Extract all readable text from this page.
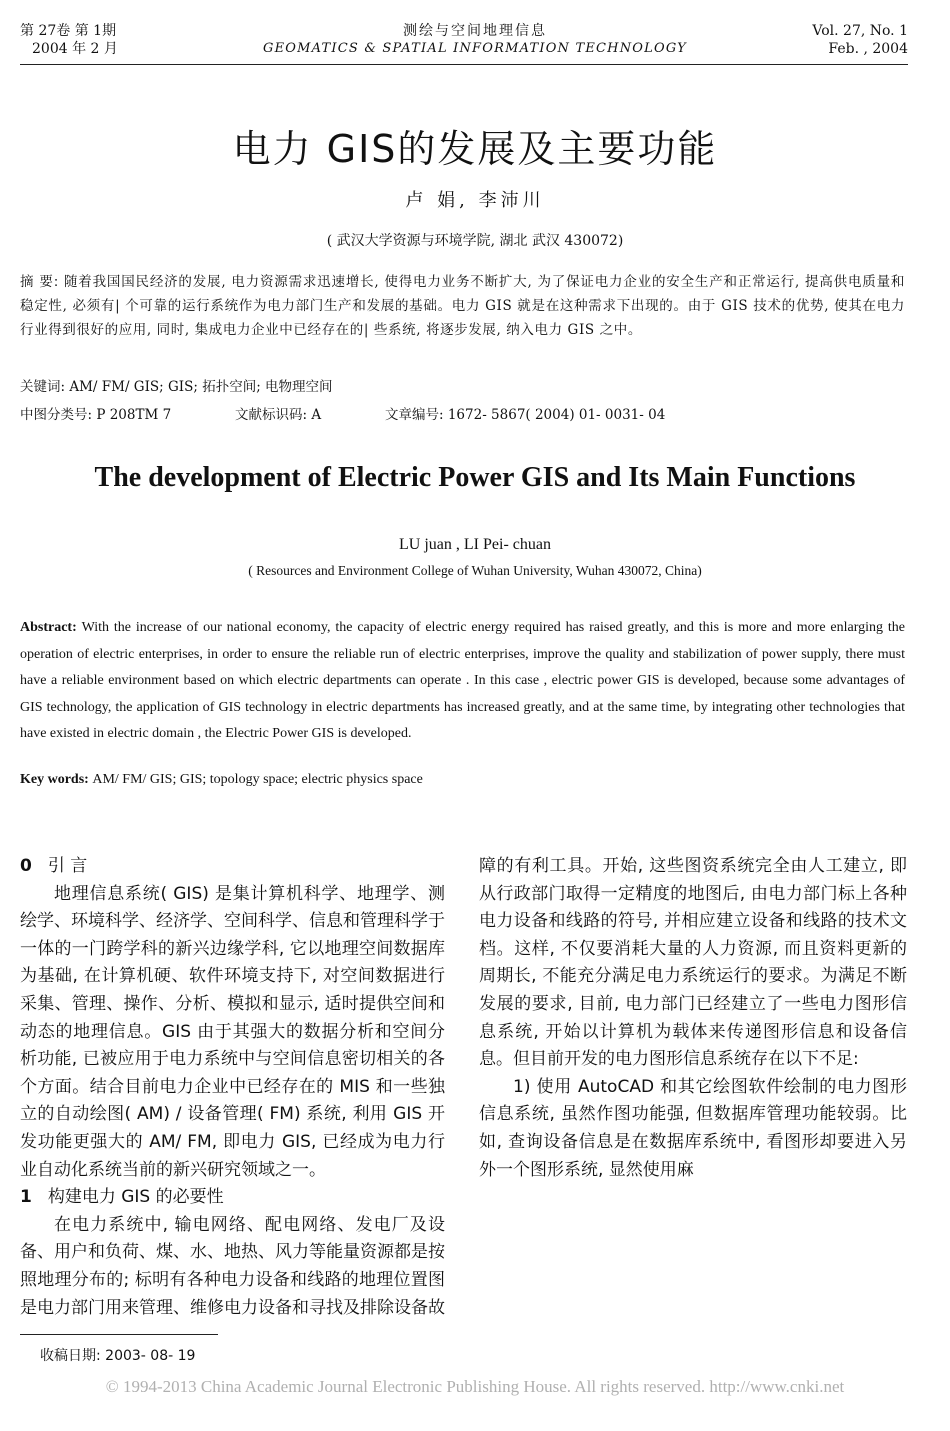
第 27卷 第 1期
2004 年 2 月
测绘与空间地理信息
GEOMATICS & SPATIAL INFORMATION TECHNOLOGY
Vol. 27, No. 1
Feb. , 2004
电力 GIS的发展及主要功能
卢 娟, 李沛川
( 武汉大学资源与环境学院, 湖北 武汉 430072)
摘 要: 随着我国国民经济的发展, 电力资源需求迅速增长, 使得电力业务不断扩大, 为了保证电力企业的安全生产和正常运行, 提高供电质量和稳定性, 必须有| 个可靠的运行系统作为电力部门生产和发展的基础。电力 GIS 就是在这种需求下出现的。由于 GIS 技术的优势, 使其在电力行业得到很好的应用, 同时, 集成电力企业中已经存在的| 些系统, 将逐步发展, 纳入电力 GIS 之中。
关键词: AM/ FM/ GIS; GIS; 拓扑空间; 电物理空间
中图分类号: P 208TM 7	文献标识码: A	文章编号: 1672- 5867( 2004) 01- 0031- 04
The development of Electric Power GIS and Its Main Functions
LU juan , LI Pei- chuan
( Resources and Environment College of Wuhan University, Wuhan 430072, China)
Abstract: With the increase of our national economy, the capacity of electric energy required has raised greatly, and this is more and more enlarging the operation of electric enterprises, in order to ensure the reliable run of electric enterprises, improve the quality and stabilization of power supply, there must have a reliable environment based on which electric departments can operate . In this case , electric power GIS is developed, because some advantages of GIS technology, the application of GIS technology in electric departments has increased greatly, and at the same time, by integrating other technologies that have existed in electric domain , the Electric Power GIS is developed.
Key words: AM/ FM/ GIS; GIS; topology space; electric physics space

0 引 言

地理信息系统( GIS) 是集计算机科学、地理学、测绘学、环境科学、经济学、空间科学、信息和管理科学于一体的一门跨学科的新兴边缘学科, 它以地理空间数据库为基础, 在计算机硬、软件环境支持下, 对空间数据进行采集、管理、操作、分析、模拟和显示, 适时提供空间和动态的地理信息。GIS 由于其强大的数据分析和空间分析功能, 已被应用于电力系统中与空间信息密切相关的各个方面。结合目前电力企业中已经存在的 MIS 和一些独立的自动绘图( AM) / 设备管理( FM) 系统, 利用 GIS 开发功能更强大的 AM/ FM, 即电力 GIS, 已经成为电力行业自动化系统当前的新兴研究领域之一。

1 构建电力 GIS 的必要性

在电力系统中, 输电网络、配电网络、发电厂及设备、用户和负荷、煤、水、地热、风力等能量资源都是按照地理分布的; 标明有各种电力设备和线路的地理位置图是电力部门用来管理、维修电力设备和寻找及排除设备故

障的有利工具。开始, 这些图资系统完全由人工建立, 即从行政部门取得一定精度的地图后, 由电力部门标上各种电力设备和线路的符号, 并相应建立设备和线路的技术文档。这样, 不仅要消耗大量的人力资源, 而且资料更新的周期长, 不能充分满足电力系统运行的要求。为满足不断发展的要求, 目前, 电力部门已经建立了一些电力图形信息系统, 开始以计算机为载体来传递图形信息和设备信息。但目前开发的电力图形信息系统存在以下不足:

1) 使用 AutoCAD 和其它绘图软件绘制的电力图形信息系统, 虽然作图功能强, 但数据库管理功能较弱。比如, 查询设备信息是在数据库系统中, 看图形却要进入另外一个图形系统, 显然使用麻

收稿日期: 2003- 08- 19
© 1994-2013 China Academic Journal Electronic Publishing House. All rights reserved. http://www.cnki.net
